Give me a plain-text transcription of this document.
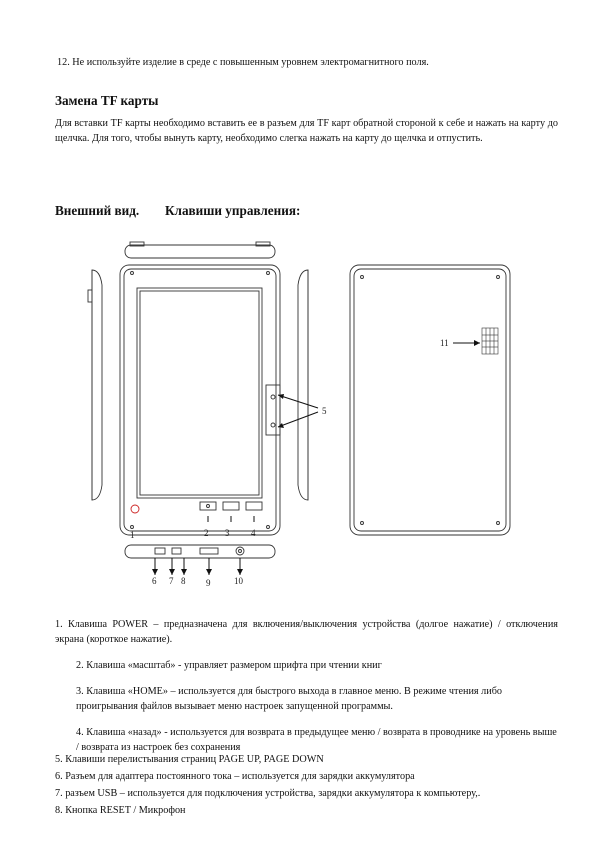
12. Не используйте изделие в среде с повышенным уровнем электромагнитного поля.
Замена TF карты
Для вставки TF карты необходимо вставить ее в разъем для TF карт обратной стороной к себе и нажать на карту до щелчка. Для того, чтобы вынуть карту, необходимо слегка нажать на карту до щелчка и отпустить.
Внешний вид. Клавиши управления:
1	2 3 4
5
6 7 8 9	10
11
1. Клавиша POWER – предназначена для включения/выключения устройства (долгое нажатие) / отключения экрана (короткое нажатие).
2. Клавиша «масштаб» - управляет размером шрифта при чтении книг
3. Клавиша «HOME» – используется для быстрого выхода в главное меню. В режиме чтения либо проигрывания файлов вызывает меню настроек запущенной программы.
4. Клавиша «назад» - используется для возврата в предыдущее меню / возврата в проводнике на уровень выше / возврата из настроек без сохранения
5. Клавиши перелистывания страниц PAGE UP, PAGE DOWN
6. Разъем для адаптера постоянного тока – используется для зарядки аккумулятора
7. разъем USB – используется для подключения устройства, зарядки аккумулятора к компьютеру,.
8. Кнопка RESET / Микрофон
